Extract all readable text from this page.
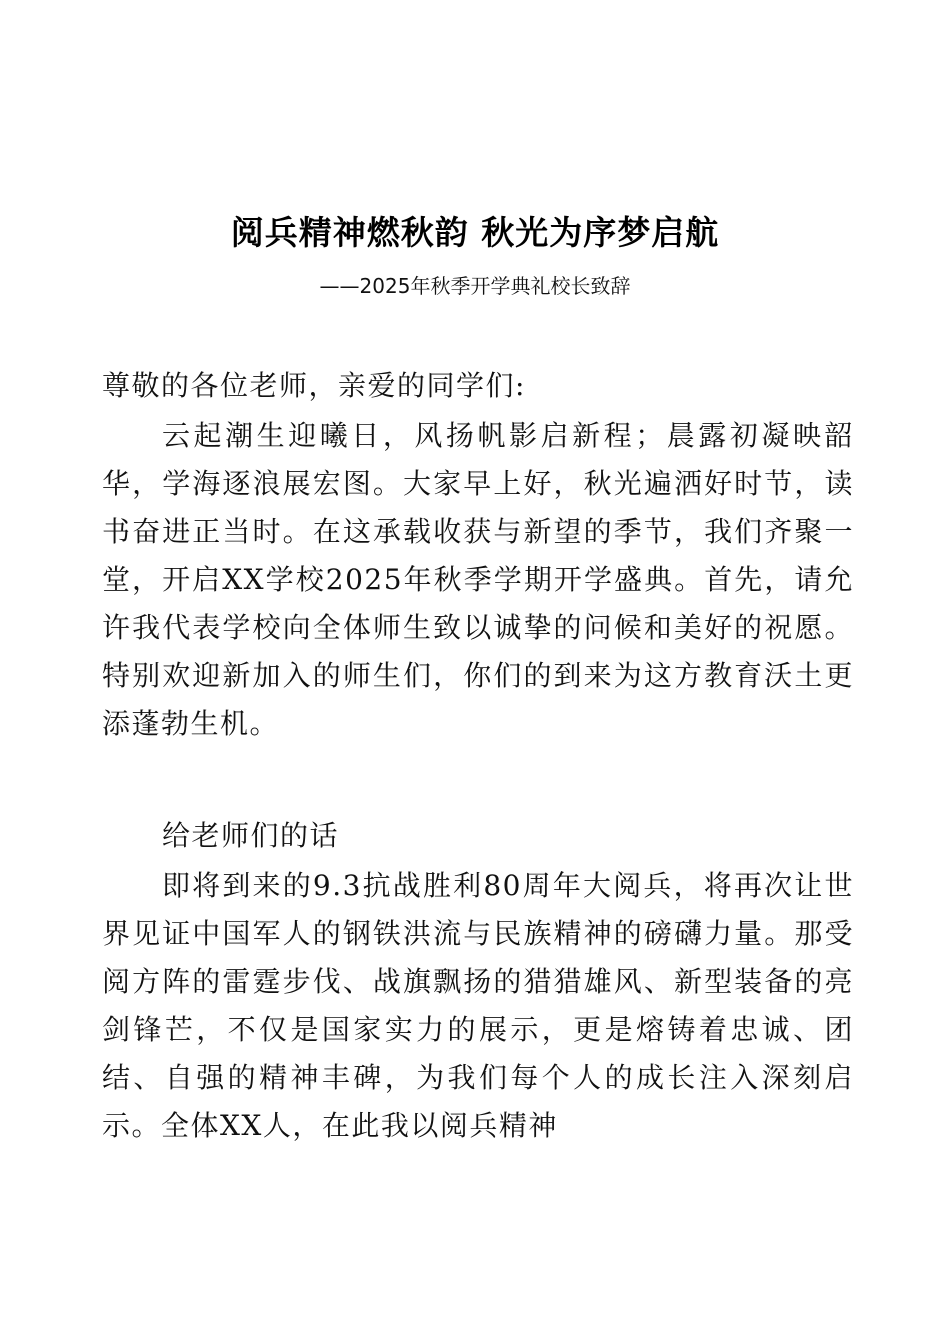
阅兵精神燃秋韵 秋光为序梦启航
——2025年秋季开学典礼校长致辞

尊敬的各位老师，亲爱的同学们:

云起潮生迎曦日，风扬帆影启新程；晨露初凝映韶华，学海逐浪展宏图。大家早上好，秋光遍洒好时节，读书奋进正当时。在这承载收获与新望的季节，我们齐聚一堂，开启XX学校2025年秋季学期开学盛典。首先，请允许我代表学校向全体师生致以诚挚的问候和美好的祝愿。特别欢迎新加入的师生们，你们的到来为这方教育沃土更添蓬勃生机。

给老师们的话

即将到来的9.3抗战胜利80周年大阅兵，将再次让世界见证中国军人的钢铁洪流与民族精神的磅礴力量。那受阅方阵的雷霆步伐、战旗飘扬的猎猎雄风、新型装备的亮剑锋芒，不仅是国家实力的展示，更是熔铸着忠诚、团结、自强的精神丰碑，为我们每个人的成长注入深刻启示。全体XX人，在此我以阅兵精神
